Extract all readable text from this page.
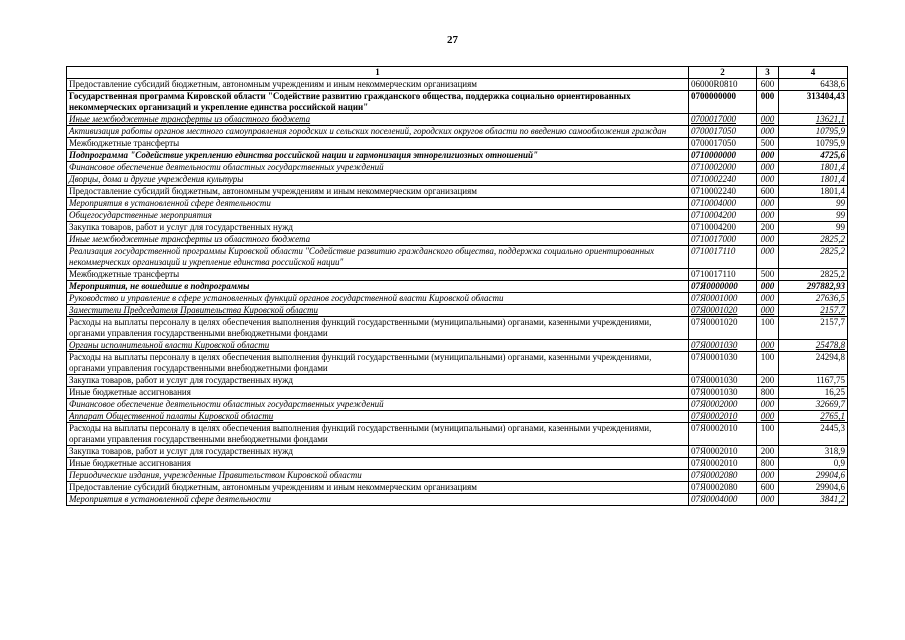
27
1	2	3	4
Предоставление субсидий бюджетным, автономным учреждениям и иным некоммерческим организациям	06000R0810	600	6438,6
Государственная программа Кировской области "Содействие развитию гражданского общества, поддержка социально ориентированных некоммерческих организаций и укрепление единства российской нации"	0700000000	000	313404,43
Иные межбюджетные трансферты из областного бюджета	0700017000	000	13621,1
Активизация работы органов местного самоуправления городских и сельских поселений, городских округов области по введению самообложения граждан	0700017050	000	10795,9
Межбюджетные трансферты	0700017050	500	10795,9
Подпрограмма "Содействие укреплению единства российской нации и гармонизация этнорелигиозных отношений"	0710000000	000	4725,6
Финансовое обеспечение деятельности областных государственных учреждений	0710002000	000	1801,4
Дворцы, дома и другие учреждения культуры	0710002240	000	1801,4
Предоставление субсидий бюджетным, автономным учреждениям и иным некоммерческим организациям	0710002240	600	1801,4
Мероприятия в установленной сфере деятельности	0710004000	000	99
Общегосударственные мероприятия	0710004200	000	99
Закупка товаров, работ и услуг для государственных нужд	0710004200	200	99
Иные межбюджетные трансферты из областного бюджета	0710017000	000	2825,2
Реализация государственной программы Кировской области "Содействие развитию гражданского общества, поддержка социально ориентированных некоммерческих организаций и укрепление единства российской нации"	0710017110	000	2825,2
Межбюджетные трансферты	0710017110	500	2825,2
Мероприятия, не вошедшие в подпрограммы	07Я0000000	000	297882,93
Руководство и управление в сфере установленных функций органов государственной власти Кировской области	07Я0001000	000	27636,5
Заместители Председателя Правительства Кировской области	07Я0001020	000	2157,7
Расходы на выплаты персоналу в целях обеспечения выполнения функций государственными (муниципальными) органами, казенными учреждениями, органами управления государственными внебюджетными фондами	07Я0001020	100	2157,7
Органы исполнительной власти Кировской области	07Я0001030	000	25478,8
Расходы на выплаты персоналу в целях обеспечения выполнения функций государственными (муниципальными) органами, казенными учреждениями, органами управления государственными внебюджетными фондами	07Я0001030	100	24294,8
Закупка товаров, работ и услуг для государственных нужд	07Я0001030	200	1167,75
Иные бюджетные ассигнования	07Я0001030	800	16,25
Финансовое обеспечение деятельности областных государственных учреждений	07Я0002000	000	32669,7
Аппарат Общественной палаты Кировской области	07Я0002010	000	2765,1
Расходы на выплаты персоналу в целях обеспечения выполнения функций государственными (муниципальными) органами, казенными учреждениями, органами управления государственными внебюджетными фондами	07Я0002010	100	2445,3
Закупка товаров, работ и услуг для государственных нужд	07Я0002010	200	318,9
Иные бюджетные ассигнования	07Я0002010	800	0,9
Периодические издания, учрежденные Правительством Кировской области	07Я0002080	000	29904,6
Предоставление субсидий бюджетным, автономным учреждениям и иным некоммерческим организациям	07Я0002080	600	29904,6
Мероприятия в установленной сфере деятельности	07Я0004000	000	3841,2
